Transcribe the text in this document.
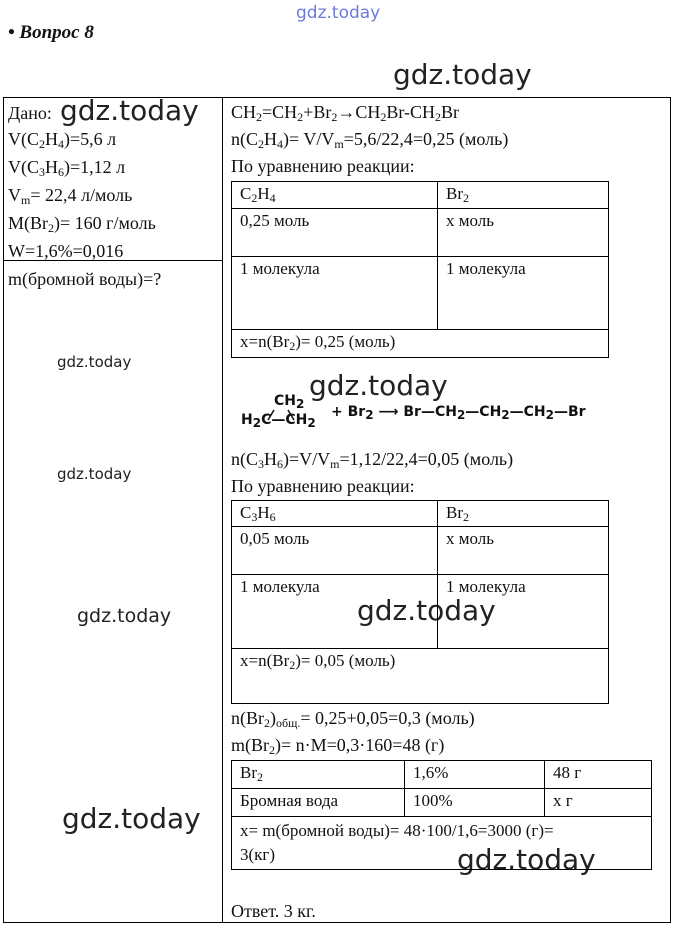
gdz.today
gdz.today
gdz.today
gdz.today
gdz.today
gdz.today
gdz.today
gdz.today
gdz.today
gdz.today
• Вопрос 8
Дано:
$V(C_2H_4)=5,6$ л
$V(C_3H_6)=1,12$ л
$V_m= 22,4$ л/моль
$M(Br_2)= 160$ г/моль
W=1,6%=0,016
m(бромной воды)=?
$CH_2=CH_2+Br_2\to CH_2Br-CH_2Br$
$n(C_2H_4)= V/V_m=5,6/22,4=0,25$ (моль)
По уравнению реакции:
$C_2H_4$	$Br_2$
0,25 моль	x моль
1 молекула	1 молекула
$x=n(Br_2)= 0,25$ (моль)	
$CH_2$
$H_2C—CH_2$
+ $Br_2$ ⟶ $Br—CH_2—CH_2—CH_2—Br$
$n(C_3H_6)=V/V_m=1,12/22,4=0,05$ (моль)
По уравнению реакции:
$C_3H_6$	$Br_2$
0,05 моль	x моль
1 молекула	1 молекула
$x=n(Br_2)= 0,05$ (моль)	
$n(Br_2)_{общ.}= 0,25+0,05=0,3$ (моль)
$m(Br_2)= n\cdot M=0,3\cdot 160=48$ (г)
$Br_2$	1,6%	48 г
Бромная вода	100%	x г
x= m(бромной воды)= 48·100/1,6=3000 (г)=
3(кг)		
Ответ. 3 кг.
